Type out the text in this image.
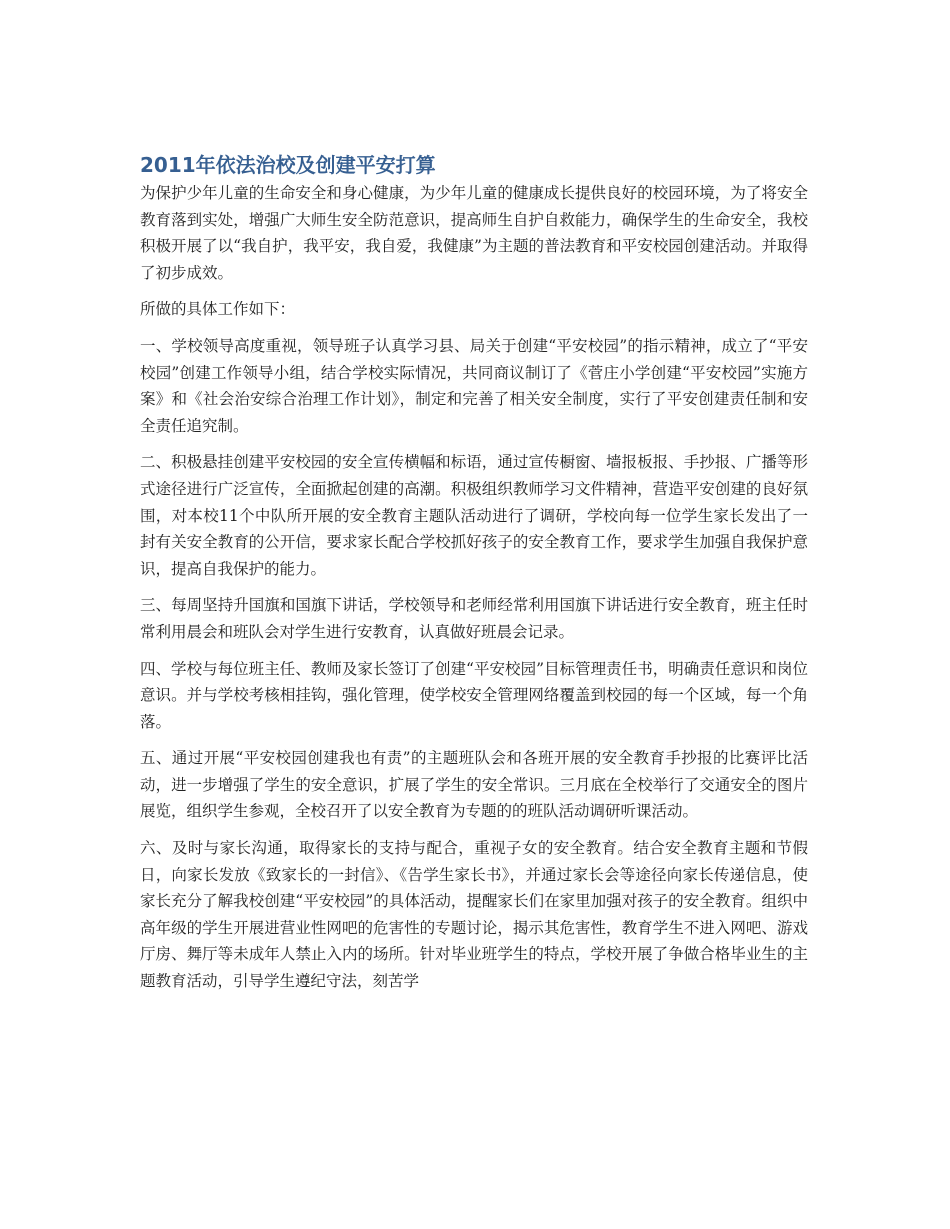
2011年依法治校及创建平安打算

为保护少年儿童的生命安全和身心健康，为少年儿童的健康成长提供良好的校园环境，为了将安全教育落到实处，增强广大师生安全防范意识，提高师生自护自救能力，确保学生的生命安全，我校积极开展了以“我自护，我平安，我自爱，我健康”为主题的普法教育和平安校园创建活动。并取得了初步成效。

所做的具体工作如下：

一、学校领导高度重视，领导班子认真学习县、局关于创建“平安校园”的指示精神，成立了“平安校园”创建工作领导小组，结合学校实际情况，共同商议制订了《菅庄小学创建“平安校园”实施方案》和《社会治安综合治理工作计划》，制定和完善了相关安全制度，实行了平安创建责任制和安全责任追究制。

二、积极悬挂创建平安校园的安全宣传横幅和标语，通过宣传橱窗、墙报板报、手抄报、广播等形式途径进行广泛宣传，全面掀起创建的高潮。积极组织教师学习文件精神，营造平安创建的良好氛围，对本校11个中队所开展的安全教育主题队活动进行了调研，学校向每一位学生家长发出了一封有关安全教育的公开信，要求家长配合学校抓好孩子的安全教育工作，要求学生加强自我保护意识，提高自我保护的能力。

三、每周坚持升国旗和国旗下讲话，学校领导和老师经常利用国旗下讲话进行安全教育，班主任时常利用晨会和班队会对学生进行安教育，认真做好班晨会记录。

四、学校与每位班主任、教师及家长签订了创建“平安校园”目标管理责任书，明确责任意识和岗位意识。并与学校考核相挂钩，强化管理，使学校安全管理网络覆盖到校园的每一个区域，每一个角落。

五、通过开展“平安校园创建我也有责”的主题班队会和各班开展的安全教育手抄报的比赛评比活动，进一步增强了学生的安全意识，扩展了学生的安全常识。三月底在全校举行了交通安全的图片展览，组织学生参观，全校召开了以安全教育为专题的的班队活动调研听课活动。

六、及时与家长沟通，取得家长的支持与配合，重视子女的安全教育。结合安全教育主题和节假日，向家长发放《致家长的一封信》、《告学生家长书》，并通过家长会等途径向家长传递信息，使家长充分了解我校创建“平安校园”的具体活动，提醒家长们在家里加强对孩子的安全教育。组织中高年级的学生开展进营业性网吧的危害性的专题讨论，揭示其危害性，教育学生不进入网吧、游戏厅房、舞厅等未成年人禁止入内的场所。针对毕业班学生的特点，学校开展了争做合格毕业生的主题教育活动，引导学生遵纪守法，刻苦学
